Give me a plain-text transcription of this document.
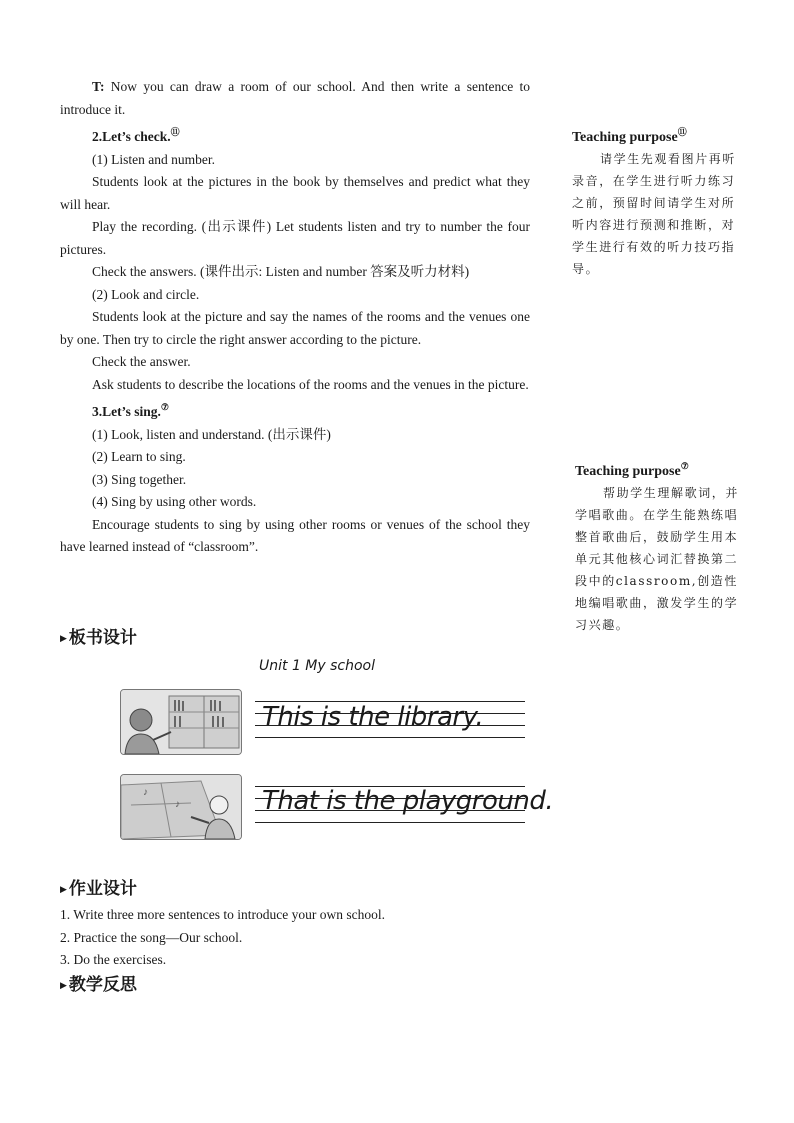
T: Now you can draw a room of our school. And then write a sentence to introduce it.

2.Let’s check.⑪

(1) Listen and number.

Students look at the pictures in the book by themselves and predict what they will hear.

Play the recording. (出示课件) Let students listen and try to number the four pictures.

Check the answers. (课件出示: Listen and number 答案及听力材料)

(2) Look and circle.

Students look at the picture and say the names of the rooms and the venues one by one. Then try to circle the right answer according to the picture.

Check the answer.

Ask students to describe the locations of the rooms and the venues in the picture.

3.Let’s sing.⑦

(1) Look, listen and understand. (出示课件)

(2) Learn to sing.

(3) Sing together.

(4) Sing by using other words.

Encourage students to sing by using other rooms or venues of the school they have learned instead of “classroom”.

Teaching purpose⑪
请学生先观看图片再听录音，在学生进行听力练习之前，预留时间请学生对所听内容进行预测和推断，对学生进行有效的听力技巧指导。
Teaching purpose⑦
帮助学生理解歌词，并学唱歌曲。在学生能熟练唱整首歌曲后，鼓励学生用本单元其他核心词汇替换第二段中的classroom,创造性地编唱歌曲，激发学生的学习兴趣。
▶ 板书设计
Unit 1 My school
This is the library.
♪
♪	That is the playground.
▶ 作业设计
1. Write three more sentences to introduce your own school.
2. Practice the song—Our school.
3. Do the exercises.
▶ 教学反思
